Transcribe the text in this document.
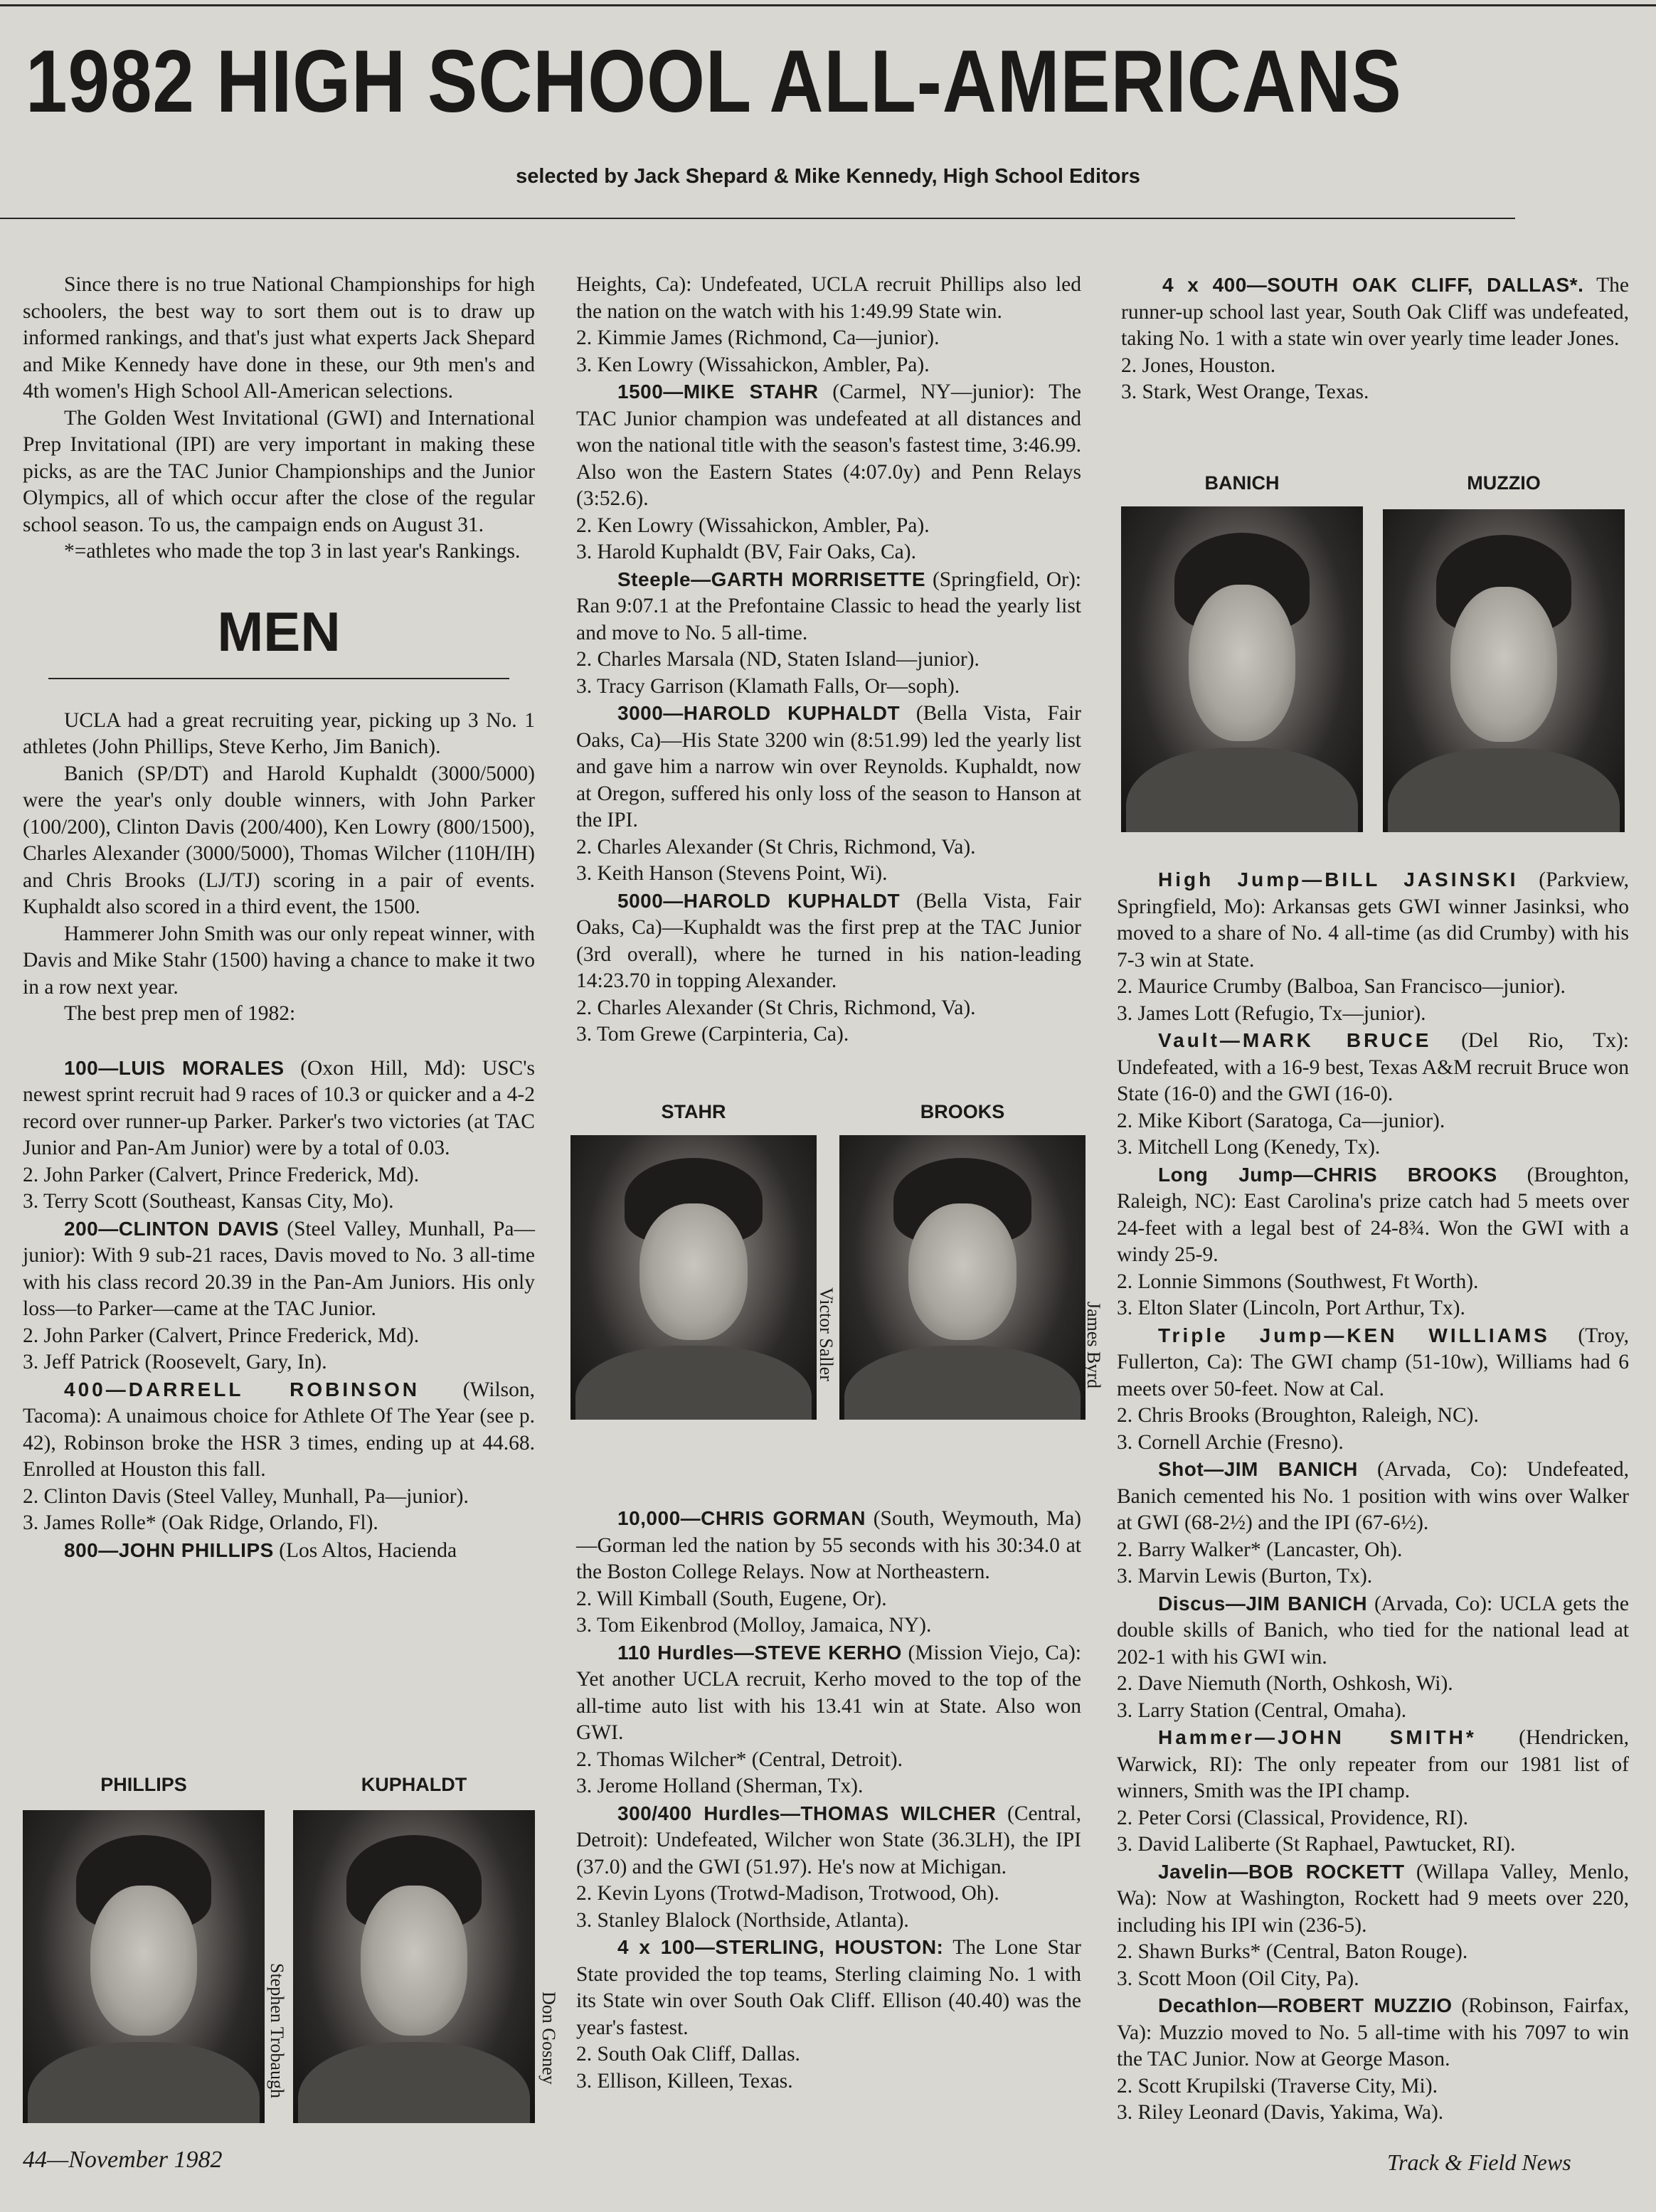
1982 HIGH SCHOOL ALL-AMERICANS
selected by Jack Shepard & Mike Kennedy, High School Editors

Since there is no true National Championships for high schoolers, the best way to sort them out is to draw up informed rankings, and that's just what experts Jack Shepard and Mike Kennedy have done in these, our 9th men's and 4th women's High School All-American selections.

The Golden West Invitational (GWI) and International Prep Invitational (IPI) are very important in making these picks, as are the TAC Junior Championships and the Junior Olympics, all of which occur after the close of the regular school season. To us, the campaign ends on August 31.

*=athletes who made the top 3 in last year's Rankings.

MEN

UCLA had a great recruiting year, picking up 3 No. 1 athletes (John Phillips, Steve Kerho, Jim Banich).

Banich (SP/DT) and Harold Kuphaldt (3000/5000) were the year's only double winners, with John Parker (100/200), Clinton Davis (200/400), Ken Lowry (800/1500), Charles Alexander (3000/5000), Thomas Wilcher (110H/IH) and Chris Brooks (LJ/TJ) scoring in a pair of events. Kuphaldt also scored in a third event, the 1500.

Hammerer John Smith was our only repeat winner, with Davis and Mike Stahr (1500) having a chance to make it two in a row next year.

The best prep men of 1982:

100—LUIS MORALES (Oxon Hill, Md): USC's newest sprint recruit had 9 races of 10.3 or quicker and a 4-2 record over runner-up Parker. Parker's two victories (at TAC Junior and Pan-Am Junior) were by a total of 0.03.

2. John Parker (Calvert, Prince Frederick, Md).

3. Terry Scott (Southeast, Kansas City, Mo).

200—CLINTON DAVIS (Steel Valley, Munhall, Pa—junior): With 9 sub-21 races, Davis moved to No. 3 all-time with his class record 20.39 in the Pan-Am Juniors. His only loss—to Parker—came at the TAC Junior.

2. John Parker (Calvert, Prince Frederick, Md).

3. Jeff Patrick (Roosevelt, Gary, In).

400—DARRELL ROBINSON (Wilson, Tacoma): A unaimous choice for Athlete Of The Year (see p. 42), Robinson broke the HSR 3 times, ending up at 44.68. Enrolled at Houston this fall.

2. Clinton Davis (Steel Valley, Munhall, Pa—junior).

3. James Rolle* (Oak Ridge, Orlando, Fl).

800—JOHN PHILLIPS (Los Altos, Hacienda

PHILLIPS	KUPHALDT
Stephen Trobaugh	Don Gosney

Heights, Ca): Undefeated, UCLA recruit Phillips also led the nation on the watch with his 1:49.99 State win.

2. Kimmie James (Richmond, Ca—junior).

3. Ken Lowry (Wissahickon, Ambler, Pa).

1500—MIKE STAHR (Carmel, NY—junior): The TAC Junior champion was undefeated at all distances and won the national title with the season's fastest time, 3:46.99. Also won the Eastern States (4:07.0y) and Penn Relays (3:52.6).

2. Ken Lowry (Wissahickon, Ambler, Pa).

3. Harold Kuphaldt (BV, Fair Oaks, Ca).

Steeple—GARTH MORRISETTE (Springfield, Or): Ran 9:07.1 at the Prefontaine Classic to head the yearly list and move to No. 5 all-time.

2. Charles Marsala (ND, Staten Island—junior).

3. Tracy Garrison (Klamath Falls, Or—soph).

3000—HAROLD KUPHALDT (Bella Vista, Fair Oaks, Ca)—His State 3200 win (8:51.99) led the yearly list and gave him a narrow win over Reynolds. Kuphaldt, now at Oregon, suffered his only loss of the season to Hanson at the IPI.

2. Charles Alexander (St Chris, Richmond, Va).

3. Keith Hanson (Stevens Point, Wi).

5000—HAROLD KUPHALDT (Bella Vista, Fair Oaks, Ca)—Kuphaldt was the first prep at the TAC Junior (3rd overall), where he turned in his nation-leading 14:23.70 in topping Alexander.

2. Charles Alexander (St Chris, Richmond, Va).

3. Tom Grewe (Carpinteria, Ca).

STAHR	BROOKS
Victor Saller	James Byrd

10,000—CHRIS GORMAN (South, Weymouth, Ma)—Gorman led the nation by 55 seconds with his 30:34.0 at the Boston College Relays. Now at Northeastern.

2. Will Kimball (South, Eugene, Or).

3. Tom Eikenbrod (Molloy, Jamaica, NY).

110 Hurdles—STEVE KERHO (Mission Viejo, Ca): Yet another UCLA recruit, Kerho moved to the top of the all-time auto list with his 13.41 win at State. Also won GWI.

2. Thomas Wilcher* (Central, Detroit).

3. Jerome Holland (Sherman, Tx).

300/400 Hurdles—THOMAS WILCHER (Central, Detroit): Undefeated, Wilcher won State (36.3LH), the IPI (37.0) and the GWI (51.97). He's now at Michigan.

2. Kevin Lyons (Trotwd-Madison, Trotwood, Oh).

3. Stanley Blalock (Northside, Atlanta).

4 x 100—STERLING, HOUSTON: The Lone Star State provided the top teams, Sterling claiming No. 1 with its State win over South Oak Cliff. Ellison (40.40) was the year's fastest.

2. South Oak Cliff, Dallas.

3. Ellison, Killeen, Texas.

4 x 400—SOUTH OAK CLIFF, DALLAS*. The runner-up school last year, South Oak Cliff was undefeated, taking No. 1 with a state win over yearly time leader Jones.

2. Jones, Houston.

3. Stark, West Orange, Texas.

BANICH	MUZZIO

High Jump—BILL JASINSKI (Parkview, Springfield, Mo): Arkansas gets GWI winner Jasinksi, who moved to a share of No. 4 all-time (as did Crumby) with his 7-3 win at State.

2. Maurice Crumby (Balboa, San Francisco—junior).

3. James Lott (Refugio, Tx—junior).

Vault—MARK BRUCE (Del Rio, Tx): Undefeated, with a 16-9 best, Texas A&M recruit Bruce won State (16-0) and the GWI (16-0).

2. Mike Kibort (Saratoga, Ca—junior).

3. Mitchell Long (Kenedy, Tx).

Long Jump—CHRIS BROOKS (Broughton, Raleigh, NC): East Carolina's prize catch had 5 meets over 24-feet with a legal best of 24-8¾. Won the GWI with a windy 25-9.

2. Lonnie Simmons (Southwest, Ft Worth).

3. Elton Slater (Lincoln, Port Arthur, Tx).

Triple Jump—KEN WILLIAMS (Troy, Fullerton, Ca): The GWI champ (51-10w), Williams had 6 meets over 50-feet. Now at Cal.

2. Chris Brooks (Broughton, Raleigh, NC).

3. Cornell Archie (Fresno).

Shot—JIM BANICH (Arvada, Co): Undefeated, Banich cemented his No. 1 position with wins over Walker at GWI (68-2½) and the IPI (67-6½).

2. Barry Walker* (Lancaster, Oh).

3. Marvin Lewis (Burton, Tx).

Discus—JIM BANICH (Arvada, Co): UCLA gets the double skills of Banich, who tied for the national lead at 202-1 with his GWI win.

2. Dave Niemuth (North, Oshkosh, Wi).

3. Larry Station (Central, Omaha).

Hammer—JOHN SMITH* (Hendricken, Warwick, RI): The only repeater from our 1981 list of winners, Smith was the IPI champ.

2. Peter Corsi (Classical, Providence, RI).

3. David Laliberte (St Raphael, Pawtucket, RI).

Javelin—BOB ROCKETT (Willapa Valley, Menlo, Wa): Now at Washington, Rockett had 9 meets over 220, including his IPI win (236-5).

2. Shawn Burks* (Central, Baton Rouge).

3. Scott Moon (Oil City, Pa).

Decathlon—ROBERT MUZZIO (Robinson, Fairfax, Va): Muzzio moved to No. 5 all-time with his 7097 to win the TAC Junior. Now at George Mason.

2. Scott Krupilski (Traverse City, Mi).

3. Riley Leonard (Davis, Yakima, Wa).

44—November 1982	Track & Field News
